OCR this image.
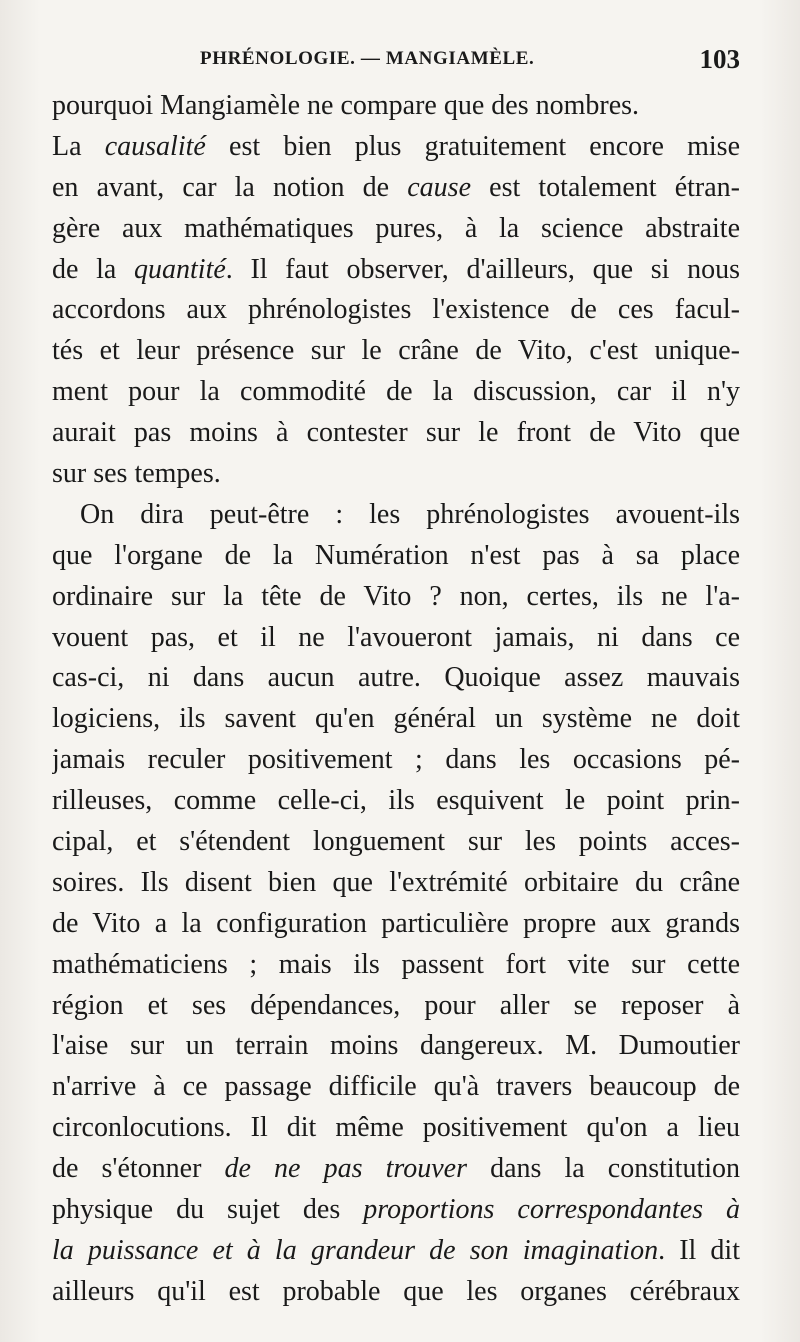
PHRÉNOLOGIE. — MANGIAMÈLE.	103
pourquoi Mangiamèle ne compare que des nombres.
La causalité est bien plus gratuitement encore mise
en avant, car la notion de cause est totalement étran-
gère aux mathématiques pures, à la science abstraite
de la quantité. Il faut observer, d'ailleurs, que si nous
accordons aux phrénologistes l'existence de ces facul-
tés et leur présence sur le crâne de Vito, c'est unique-
ment pour la commodité de la discussion, car il n'y
aurait pas moins à contester sur le front de Vito que
sur ses tempes.
On dira peut-être : les phrénologistes avouent-ils
que l'organe de la Numération n'est pas à sa place
ordinaire sur la tête de Vito ? non, certes, ils ne l'a-
vouent pas, et il ne l'avoueront jamais, ni dans ce
cas-ci, ni dans aucun autre. Quoique assez mauvais
logiciens, ils savent qu'en général un système ne doit
jamais reculer positivement ; dans les occasions pé-
rilleuses, comme celle-ci, ils esquivent le point prin-
cipal, et s'étendent longuement sur les points acces-
soires. Ils disent bien que l'extrémité orbitaire du crâne
de Vito a la configuration particulière propre aux grands
mathématiciens ; mais ils passent fort vite sur cette
région et ses dépendances, pour aller se reposer à
l'aise sur un terrain moins dangereux. M. Dumoutier
n'arrive à ce passage difficile qu'à travers beaucoup de
circonlocutions. Il dit même positivement qu'on a lieu
de s'étonner de ne pas trouver dans la constitution
physique du sujet des proportions correspondantes à
la puissance et à la grandeur de son imagination. Il dit
ailleurs qu'il est probable que les organes cérébraux
